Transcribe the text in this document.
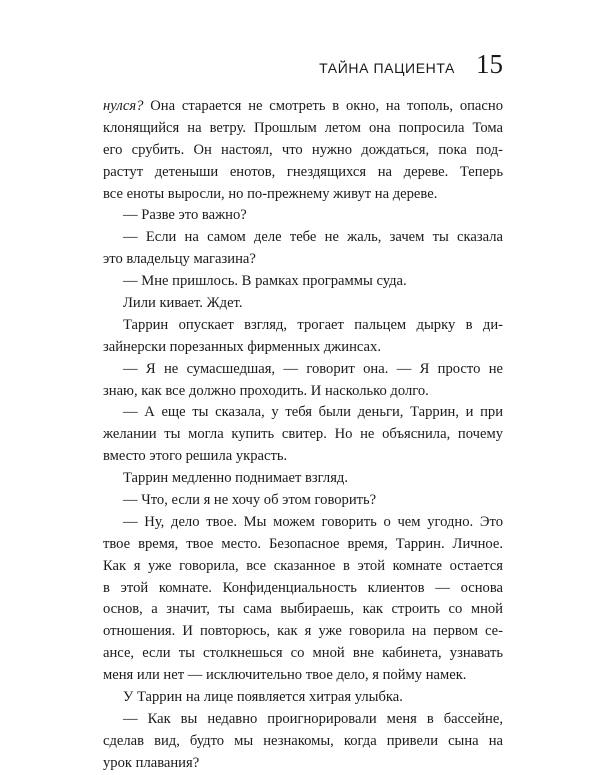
ТАЙНА ПАЦИЕНТА 15
нулся? Она старается не смотреть в окно, на тополь, опасно
клонящийся на ветру. Прошлым летом она попросила Тома
его срубить. Он настоял, что нужно дождаться, пока под-
растут детеныши енотов, гнездящихся на дереве. Теперь
все еноты выросли, но по-прежнему живут на дереве.
— Разве это важно?
— Если на самом деле тебе не жаль, зачем ты сказала
это владельцу магазина?
— Мне пришлось. В рамках программы суда.
Лили кивает. Ждет.
Таррин опускает взгляд, трогает пальцем дырку в ди-
зайнерски порезанных фирменных джинсах.
— Я не сумасшедшая, — говорит она. — Я просто не
знаю, как все должно проходить. И насколько долго.
— А еще ты сказала, у тебя были деньги, Таррин, и при
желании ты могла купить свитер. Но не объяснила, почему
вместо этого решила украсть.
Таррин медленно поднимает взгляд.
— Что, если я не хочу об этом говорить?
— Ну, дело твое. Мы можем говорить о чем угодно. Это
твое время, твое место. Безопасное время, Таррин. Личное.
Как я уже говорила, все сказанное в этой комнате остается
в этой комнате. Конфиденциальность клиентов — основа
основ, а значит, ты сама выбираешь, как строить со мной
отношения. И повторюсь, как я уже говорила на первом се-
ансе, если ты столкнешься со мной вне кабинета, узнавать
меня или нет — исключительно твое дело, я пойму намек.
У Таррин на лице появляется хитрая улыбка.
— Как вы недавно проигнорировали меня в бассейне,
сделав вид, будто мы незнакомы, когда привели сына на
урок плавания?
